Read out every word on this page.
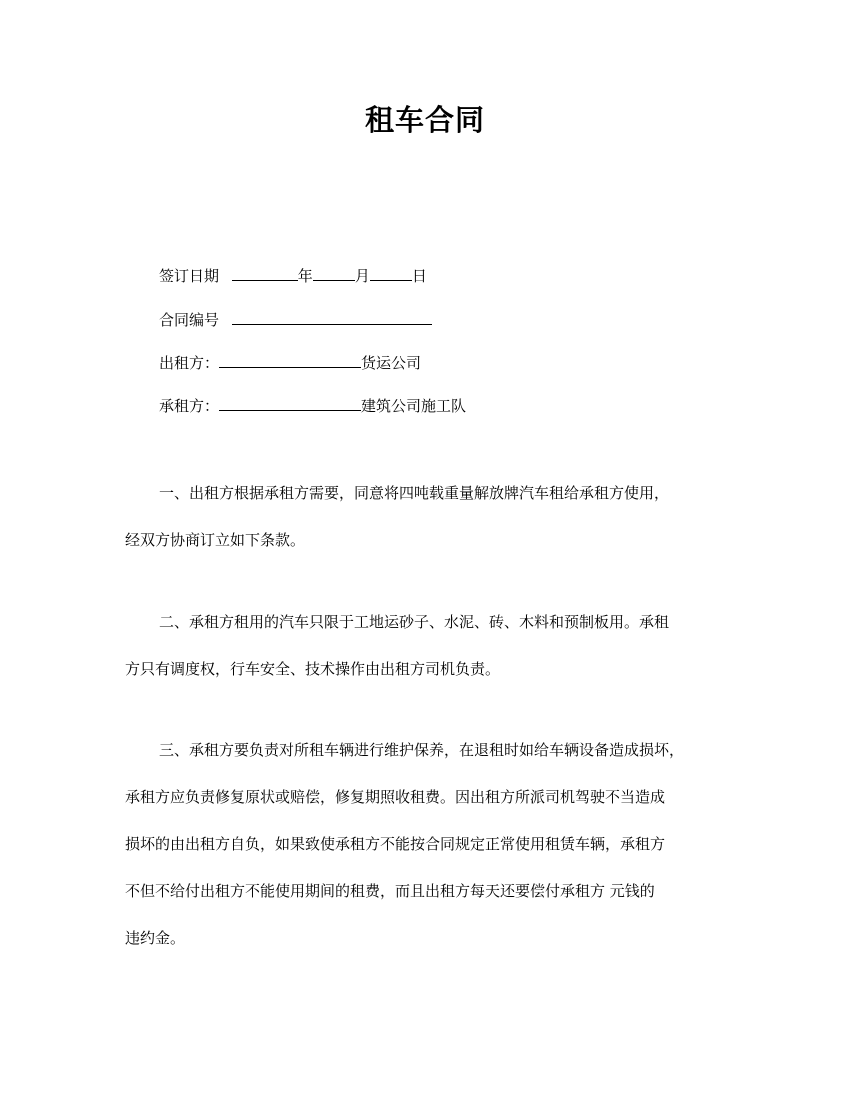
租车合同
签订日期	年	月	日
合同编号
出租方：	货运公司
承租方：	建筑公司施工队
一、出租方根据承租方需要，同意将四吨载重量解放牌汽车租给承租方使用，
经双方协商订立如下条款。
二、承租方租用的汽车只限于工地运砂子、水泥、砖、木料和预制板用。承租
方只有调度权，行车安全、技术操作由出租方司机负责。
三、承租方要负责对所租车辆进行维护保养，在退租时如给车辆设备造成损坏，
承租方应负责修复原状或赔偿，修复期照收租费。因出租方所派司机驾驶不当造成
损坏的由出租方自负，如果致使承租方不能按合同规定正常使用租赁车辆，承租方
不但不给付出租方不能使用期间的租费，而且出租方每天还要偿付承租方 元钱的
违约金。
